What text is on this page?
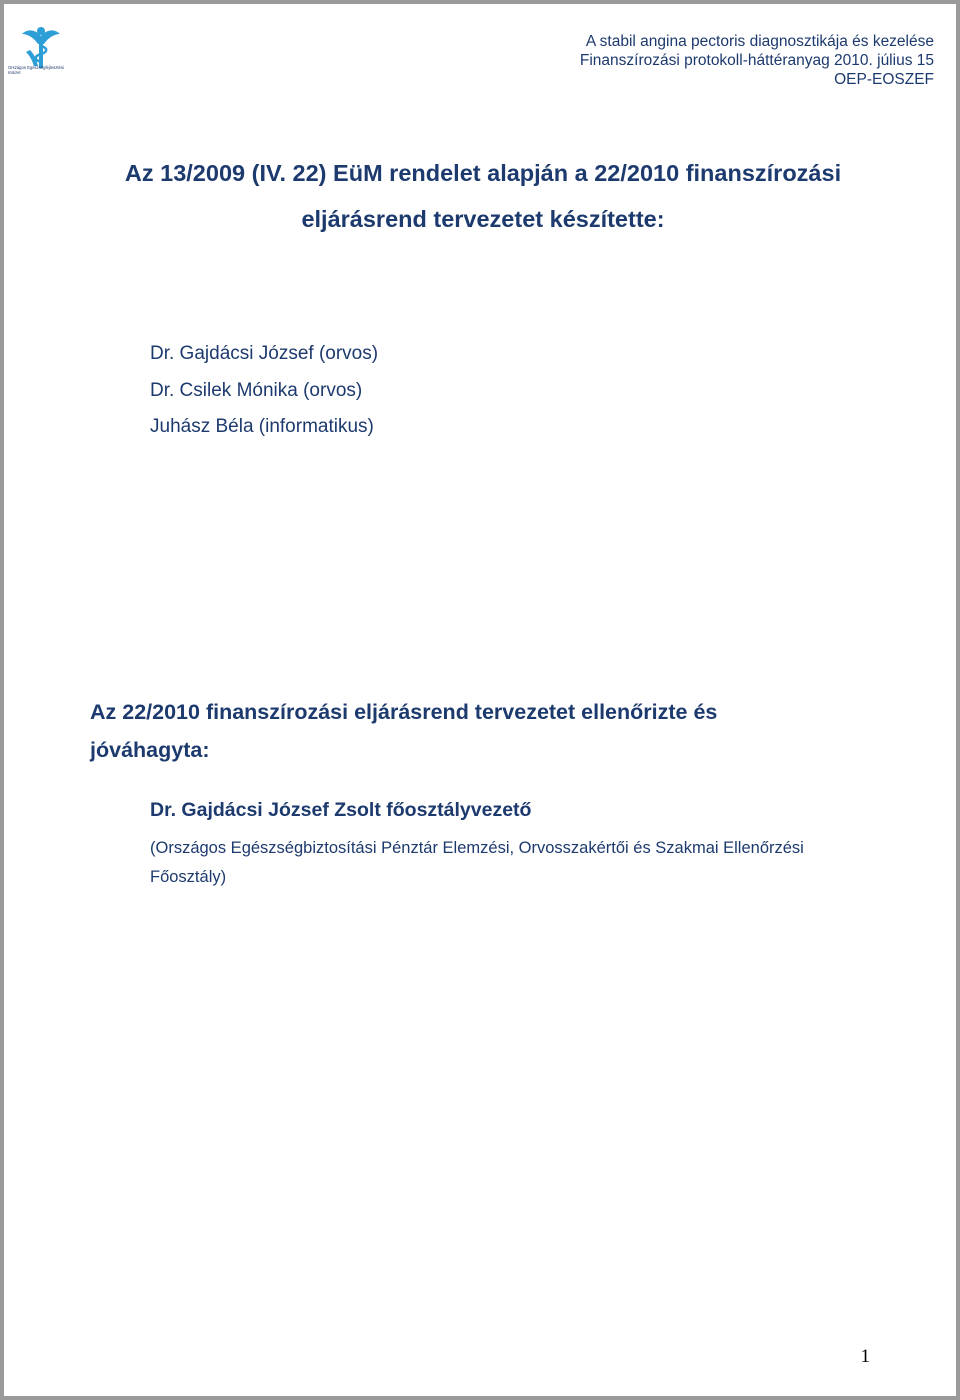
Országos Egészségfejlesztési Intézet
A stabil angina pectoris diagnosztikája és kezelése
Finanszírozási protokoll-háttéranyag 2010. július 15
OEP-EOSZEF
Az 13/2009 (IV. 22) EüM rendelet alapján a 22/2010 finanszírozási
eljárásrend tervezetet készítette:
Dr. Gajdácsi József (orvos)
Dr. Csilek Mónika (orvos)
Juhász Béla (informatikus)
Az 22/2010 finanszírozási eljárásrend tervezetet ellenőrizte és
jóváhagyta:
Dr. Gajdácsi József Zsolt főosztályvezető
(Országos Egészségbiztosítási Pénztár Elemzési, Orvosszakértői és Szakmai Ellenőrzési
Főosztály)
1
